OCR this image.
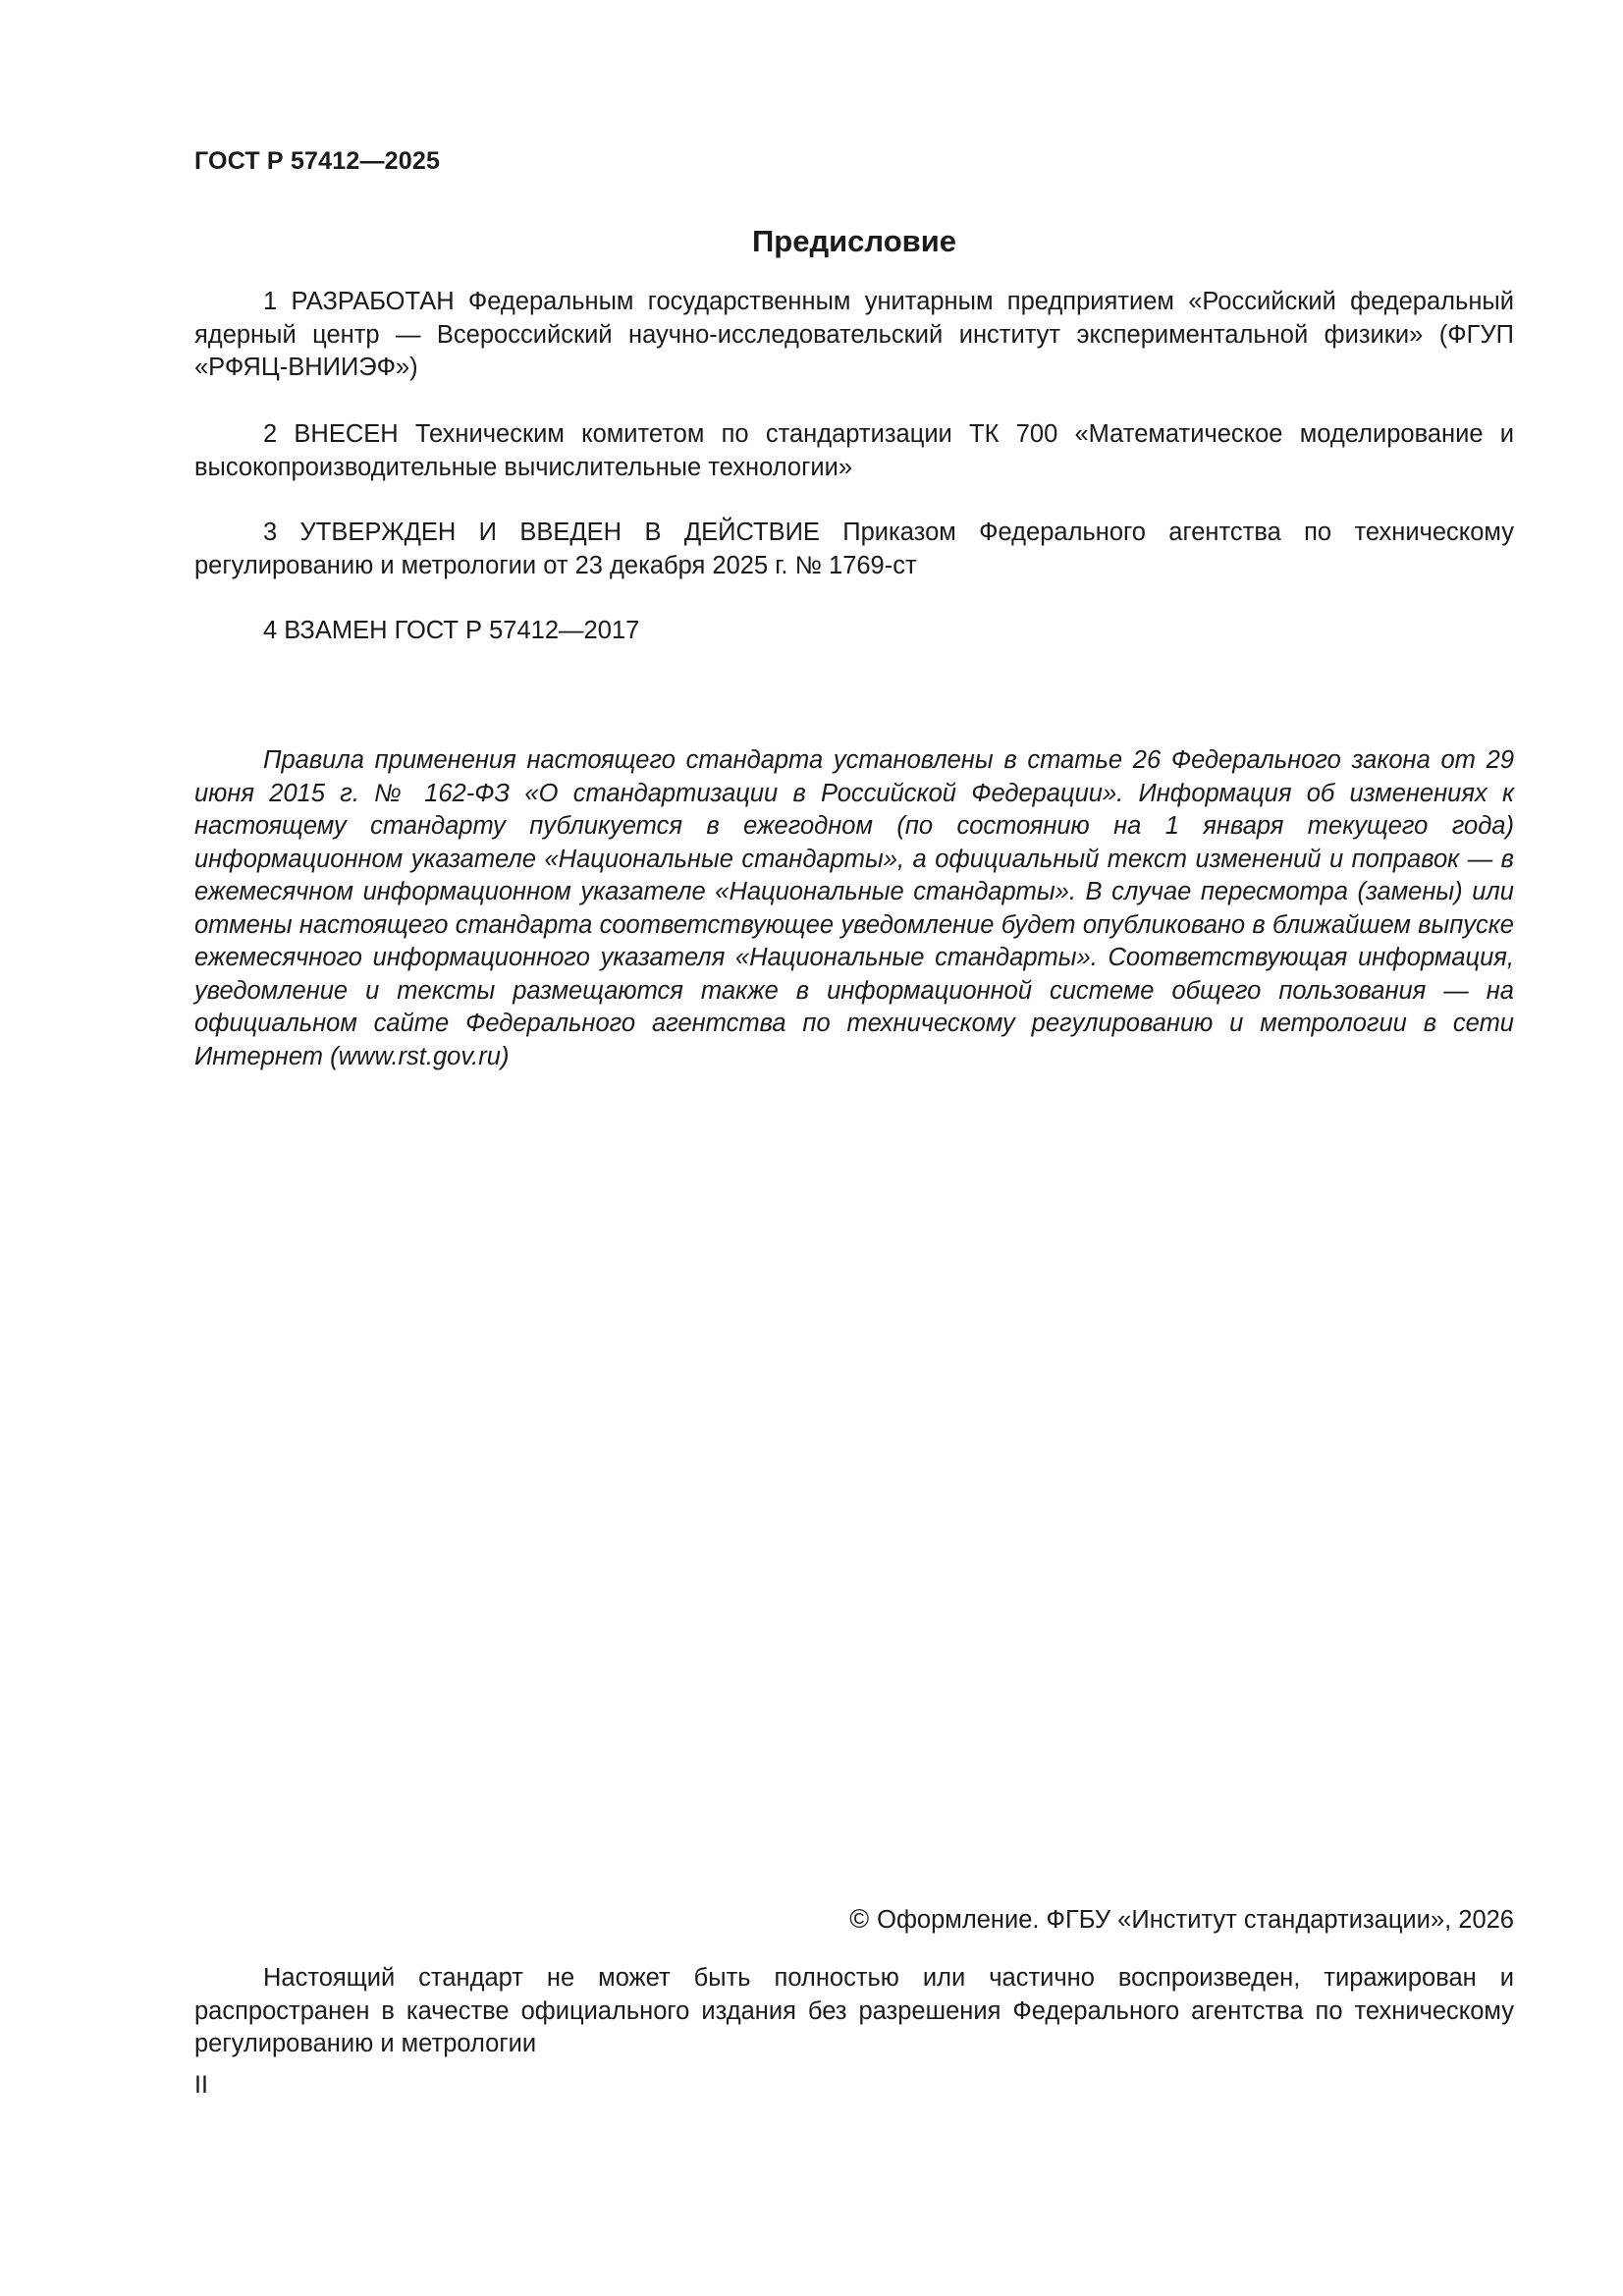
ГОСТ Р 57412—2025
Предисловие

1 РАЗРАБОТАН Федеральным государственным унитарным предприятием «Российский федеральный ядерный центр — Всероссийский научно-исследовательский институт экспериментальной физики» (ФГУП «РФЯЦ-ВНИИЭФ»)

2 ВНЕСЕН Техническим комитетом по стандартизации ТК 700 «Математическое моделирование и высокопроизводительные вычислительные технологии»

3 УТВЕРЖДЕН И ВВЕДЕН В ДЕЙСТВИЕ Приказом Федерального агентства по техническому регулированию и метрологии от 23 декабря 2025 г. № 1769-ст

4 ВЗАМЕН ГОСТ Р 57412—2017

Правила применения настоящего стандарта установлены в статье 26 Федерального закона от 29 июня 2015 г. № 162-ФЗ «О стандартизации в Российской Федерации». Информация об изменениях к настоящему стандарту публикуется в ежегодном (по состоянию на 1 января текущего года) информационном указателе «Национальные стандарты», а официальный текст изменений и поправок — в ежемесячном информационном указателе «Национальные стандарты». В случае пересмотра (замены) или отмены настоящего стандарта соответствующее уведомление будет опубликовано в ближайшем выпуске ежемесячного информационного указателя «Национальные стандарты». Соответствующая информация, уведомление и тексты размещаются также в информационной системе общего пользования — на официальном сайте Федерального агентства по техническому регулированию и метрологии в сети Интернет (www.rst.gov.ru)

© Оформление. ФГБУ «Институт стандартизации», 2026

Настоящий стандарт не может быть полностью или частично воспроизведен, тиражирован и распространен в качестве официального издания без разрешения Федерального агентства по техническому регулированию и метрологии

II
